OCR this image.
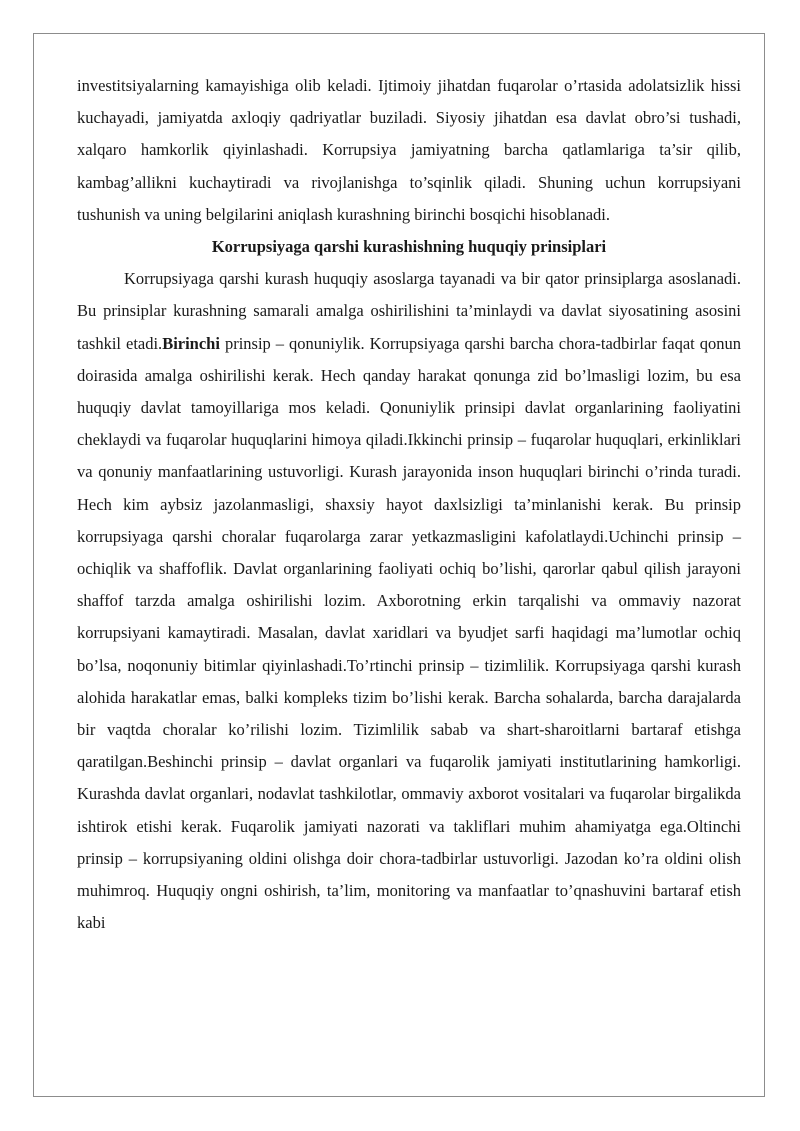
investitsiyalarning kamayishiga olib keladi. Ijtimoiy jihatdan fuqarolar o’rtasida adolatsizlik hissi kuchayadi, jamiyatda axloqiy qadriyatlar buziladi. Siyosiy jihatdan esa davlat obro’si tushadi, xalqaro hamkorlik qiyinlashadi. Korrupsiya jamiyatning barcha qatlamlariga ta’sir qilib, kambag’allikni kuchaytiradi va rivojlanishga to’sqinlik qiladi. Shuning uchun korrupsiyani tushunish va uning belgilarini aniqlash kurashning birinchi bosqichi hisoblanadi.

Korrupsiyaga qarshi kurashishning huquqiy prinsiplari

Korrupsiyaga qarshi kurash huquqiy asoslarga tayanadi va bir qator prinsiplarga asoslanadi. Bu prinsiplar kurashning samarali amalga oshirilishini ta’minlaydi va davlat siyosatining asosini tashkil etadi.Birinchi prinsip – qonuniylik. Korrupsiyaga qarshi barcha chora-tadbirlar faqat qonun doirasida amalga oshirilishi kerak. Hech qanday harakat qonunga zid bo’lmasligi lozim, bu esa huquqiy davlat tamoyillariga mos keladi. Qonuniylik prinsipi davlat organlarining faoliyatini cheklaydi va fuqarolar huquqlarini himoya qiladi.Ikkinchi prinsip – fuqarolar huquqlari, erkinliklari va qonuniy manfaatlarining ustuvorligi. Kurash jarayonida inson huquqlari birinchi o’rinda turadi. Hech kim aybsiz jazolanmasligi, shaxsiy hayot daxlsizligi ta’minlanishi kerak. Bu prinsip korrupsiyaga qarshi choralar fuqarolarga zarar yetkazmasligini kafolatlaydi.Uchinchi prinsip – ochiqlik va shaffoflik. Davlat organlarining faoliyati ochiq bo’lishi, qarorlar qabul qilish jarayoni shaffof tarzda amalga oshirilishi lozim. Axborotning erkin tarqalishi va ommaviy nazorat korrupsiyani kamaytiradi. Masalan, davlat xaridlari va byudjet sarfi haqidagi ma’lumotlar ochiq bo’lsa, noqonuniy bitimlar qiyinlashadi.To’rtinchi prinsip – tizimlilik. Korrupsiyaga qarshi kurash alohida harakatlar emas, balki kompleks tizim bo’lishi kerak. Barcha sohalarda, barcha darajalarda bir vaqtda choralar ko’rilishi lozim. Tizimlilik sabab va shart-sharoitlarni bartaraf etishga qaratilgan.Beshinchi prinsip – davlat organlari va fuqarolik jamiyati institutlarining hamkorligi. Kurashda davlat organlari, nodavlat tashkilotlar, ommaviy axborot vositalari va fuqarolar birgalikda ishtirok etishi kerak. Fuqarolik jamiyati nazorati va takliflari muhim ahamiyatga ega.Oltinchi prinsip – korrupsiyaning oldini olishga doir chora-tadbirlar ustuvorligi. Jazodan ko’ra oldini olish muhimroq. Huquqiy ongni oshirish, ta’lim, monitoring va manfaatlar to’qnashuvini bartaraf etish kabi
